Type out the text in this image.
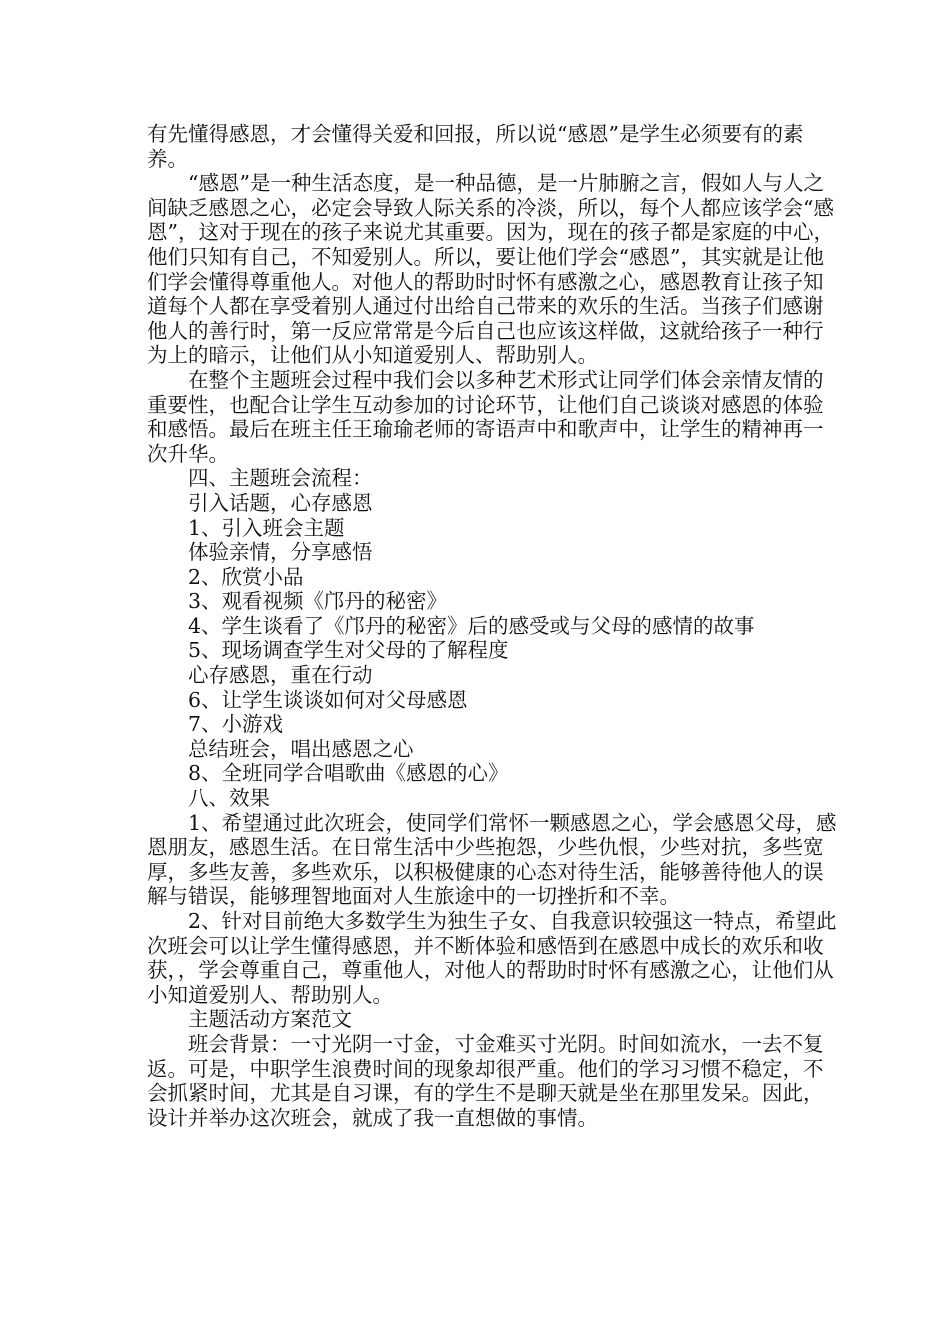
有先懂得感恩，才会懂得关爱和回报，所以说“感恩”是学生必须要有的素养。

“感恩”是一种生活态度，是一种品德，是一片肺腑之言，假如人与人之间缺乏感恩之心，必定会导致人际关系的冷淡，所以，每个人都应该学会“感恩”，这对于现在的孩子来说尤其重要。因为，现在的孩子都是家庭的中心，他们只知有自己，不知爱别人。所以，要让他们学会“感恩”，其实就是让他们学会懂得尊重他人。对他人的帮助时时怀有感激之心，感恩教育让孩子知道每个人都在享受着别人通过付出给自己带来的欢乐的生活。当孩子们感谢他人的善行时，第一反应常常是今后自己也应该这样做，这就给孩子一种行为上的暗示，让他们从小知道爱别人、帮助别人。

在整个主题班会过程中我们会以多种艺术形式让同学们体会亲情友情的重要性，也配合让学生互动参加的讨论环节，让他们自己谈谈对感恩的体验和感悟。最后在班主任王瑜瑜老师的寄语声中和歌声中，让学生的精神再一次升华。

四、主题班会流程：

引入话题，心存感恩

1、引入班会主题

体验亲情，分享感悟

2、欣赏小品

3、观看视频《邝丹的秘密》

4、学生谈看了《邝丹的秘密》后的感受或与父母的感情的故事

5、现场调查学生对父母的了解程度

心存感恩，重在行动

6、让学生谈谈如何对父母感恩

7、小游戏

总结班会，唱出感恩之心

8、全班同学合唱歌曲《感恩的心》

八、效果

1、希望通过此次班会，使同学们常怀一颗感恩之心，学会感恩父母，感恩朋友，感恩生活。在日常生活中少些抱怨，少些仇恨，少些对抗，多些宽厚，多些友善，多些欢乐，以积极健康的心态对待生活，能够善待他人的误解与错误，能够理智地面对人生旅途中的一切挫折和不幸。

2、针对目前绝大多数学生为独生子女、自我意识较强这一特点，希望此次班会可以让学生懂得感恩，并不断体验和感悟到在感恩中成长的欢乐和收获，，学会尊重自己，尊重他人，对他人的帮助时时怀有感激之心，让他们从小知道爱别人、帮助别人。

主题活动方案范文

班会背景：一寸光阴一寸金，寸金难买寸光阴。时间如流水，一去不复返。可是，中职学生浪费时间的现象却很严重。他们的学习习惯不稳定，不会抓紧时间，尤其是自习课，有的学生不是聊天就是坐在那里发呆。因此，设计并举办这次班会，就成了我一直想做的事情。
